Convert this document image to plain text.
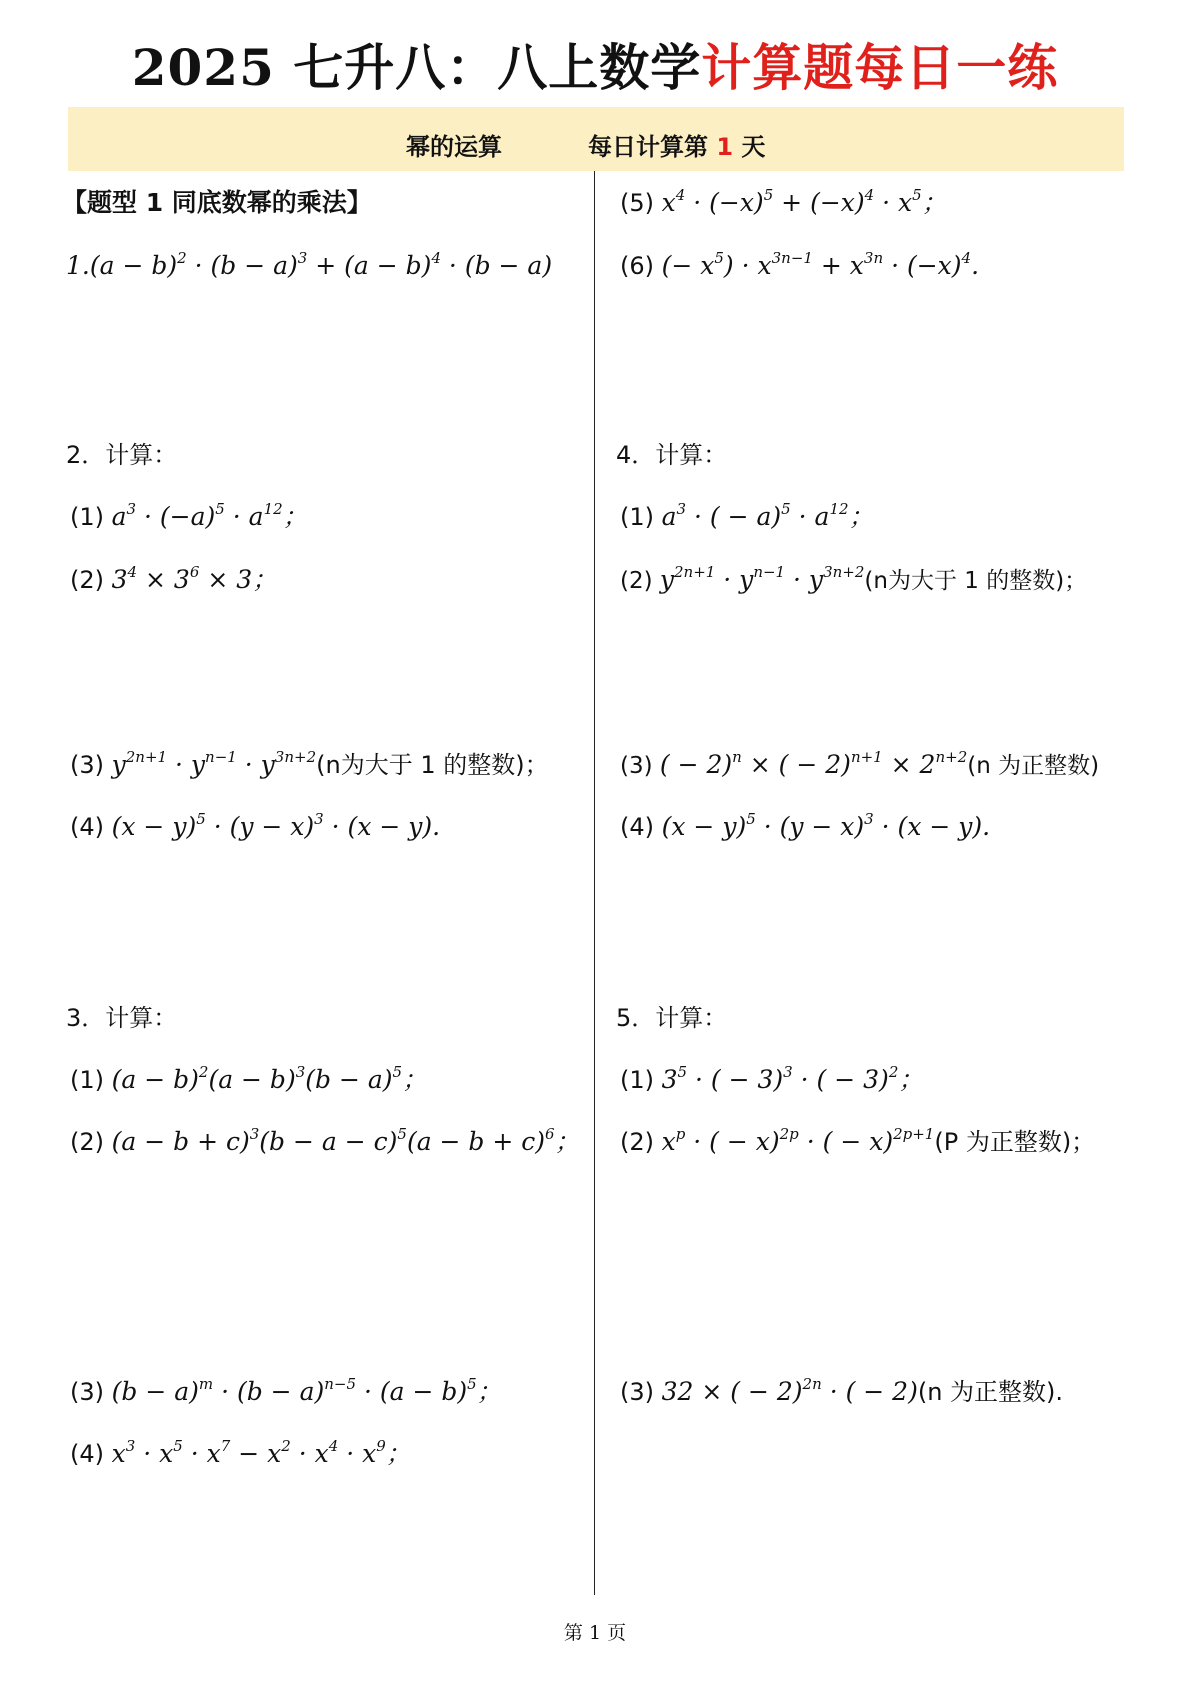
2025 七升八：八上数学计算题每日一练
幂的运算	每日计算第 1 天
【题型 1 同底数幂的乘法】
$1.(a - b)^2 \cdot (b - a)^3 + (a - b)^4 \cdot (b - a)$
2．计算：
(1) $a^3 \cdot (-a)^5 \cdot a^{12}$；
(2) $3^4 \times 3^6 \times 3$；
(3) $y^{2n+1} \cdot y^{n-1} \cdot y^{3n+2}(n$为大于 1 的整数)；
(4) $(x - y)^5 \cdot (y - x)^3 \cdot (x - y)$.
3．计算：
(1) $(a - b)^2(a - b)^3(b - a)^5$；
(2) $(a - b + c)^3(b - a - c)^5(a - b + c)^6$；
(3) $(b - a)^m \cdot (b - a)^{n-5} \cdot (a - b)^5$；
(4) $x^3 \cdot x^5 \cdot x^7 - x^2 \cdot x^4 \cdot x^9$；
(5) $x^4 \cdot (-x)^5 + (-x)^4 \cdot x^5$；
(6) (− $x^5) \cdot x^{3n-1} + x^{3n} \cdot (-x)^4$.
4．计算：
(1) $a^3$ · ( − $a)^5 \cdot a^{12}$；
(2) $y^{2n+1} \cdot y^{n-1} \cdot y^{3n+2}(n$为大于 1 的整数)；
(3) ( − 2)$^n$ × ( − $2)^{n+1} \times 2^{n+2}(n$ 为正整数)
(4) $(x - y)^5 \cdot (y - x)^3 \cdot (x - y)$.
5．计算：
(1) $3^5$ · ( − 3)$^3$ · ( − 3)$^2$；
(2) $x^p$ · ( − x)$^{2p}$ · ( − x)$^{2p+1}$(P 为正整数)；
(3) 32 × ( − 2)$^{2n}$ · ( − 2)(n 为正整数).
第 1 页
